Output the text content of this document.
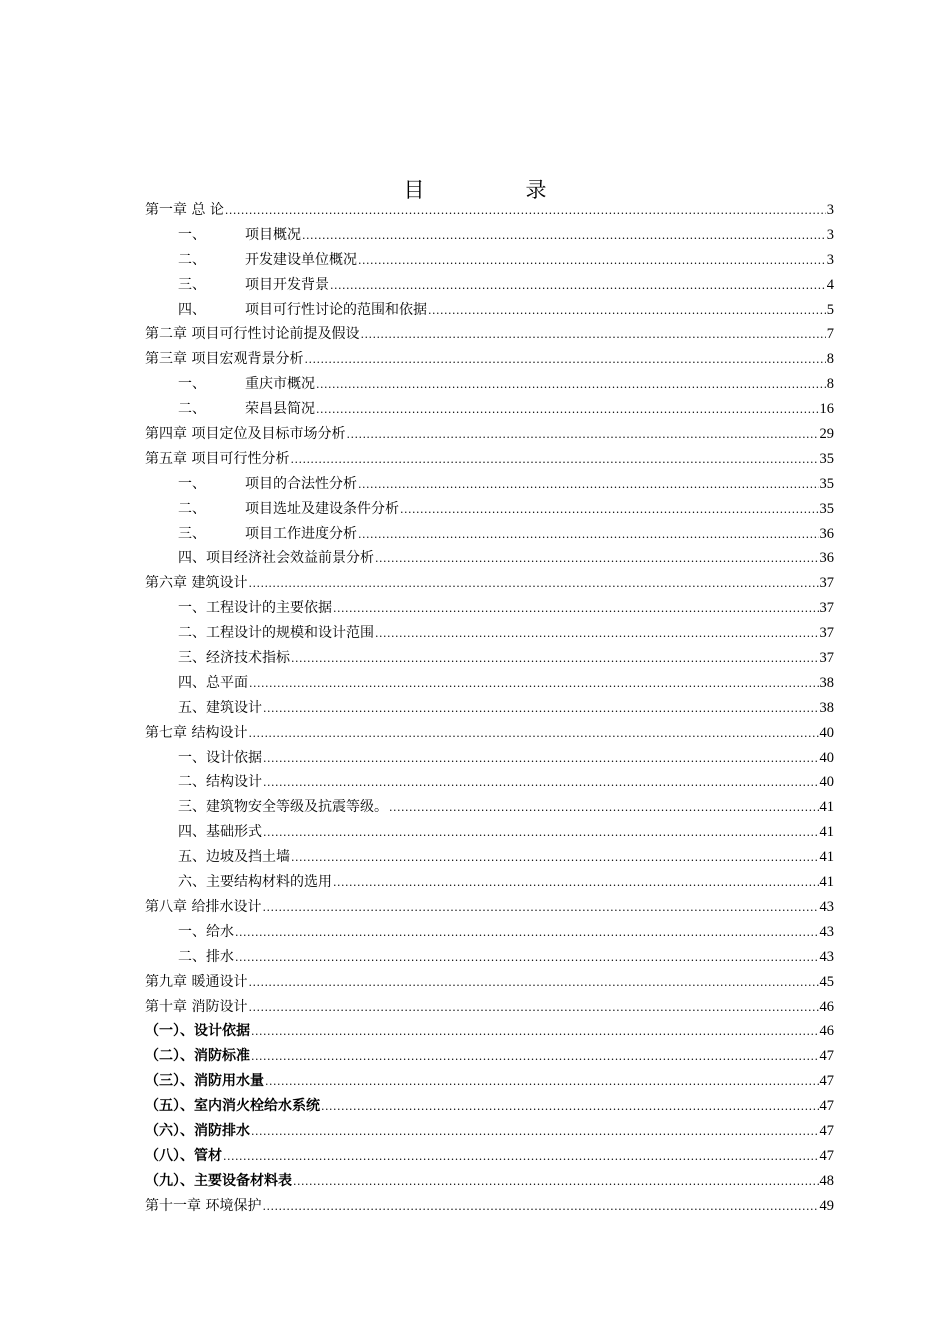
目　录
第一章 总 论 .....	3
一、	项目概况 .....	3
二、	开发建设单位概况 .....	3
三、	项目开发背景 .....	4
四、	项目可行性讨论的范围和依据 .....	5
第二章 项目可行性讨论前提及假设 .....	7
第三章 项目宏观背景分析 .....	8
一、	重庆市概况 .....	8
二、	荣昌县简况 .....	16
第四章 项目定位及目标市场分析 .....	29
第五章 项目可行性分析 .....	35
一、	项目的合法性分析 .....	35
二、	项目选址及建设条件分析 .....	35
三、	项目工作进度分析 .....	36
四、项目经济社会效益前景分析 .....	36
第六章 建筑设计 .....	37
一、工程设计的主要依据 .....	37
二、工程设计的规模和设计范围 .....	37
三、经济技术指标 .....	37
四、总平面 .....	38
五、建筑设计 .....	38
第七章 结构设计 .....	40
一、设计依据 .....	40
二、结构设计 .....	40
三、建筑物安全等级及抗震等级。 .....	41
四、基础形式 .....	41
五、边坡及挡土墙 .....	41
六、主要结构材料的选用 .....	41
第八章 给排水设计 .....	43
一、给水 .....	43
二、排水 .....	43
第九章 暖通设计 .....	45
第十章 消防设计 .....	46
（一）、设计依据 .....	46
（二）、消防标准 .....	47
（三）、消防用水量 .....	47
（五）、室内消火栓给水系统 .....	47
（六）、消防排水 .....	47
（八）、管材 .....	47
（九）、主要设备材料表 .....	48
第十一章 环境保护 .....	49
